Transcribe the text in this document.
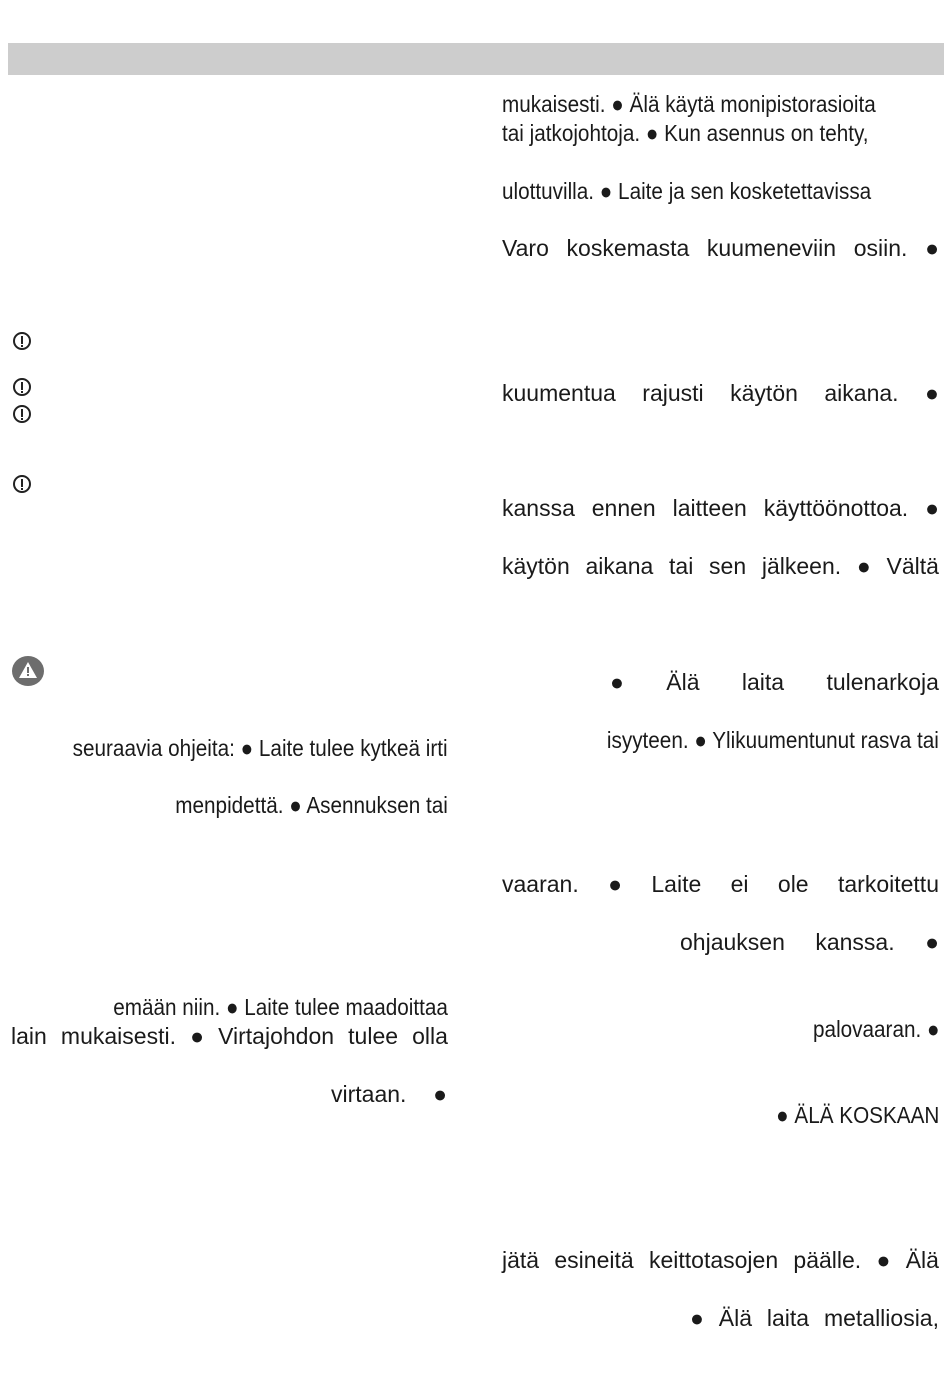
seuraavia ohjeita: ● Laite tulee kytkeä irti
menpidettä. ● Asennuksen tai
emään niin. ● Laite tulee maadoittaa
lain mukaisesti. ● Virtajohdon tulee olla
virtaan. ●
mukaisesti. ● Älä käytä monipistorasioita
tai jatkojohtoja. ● Kun asennus on tehty,
ulottuvilla. ● Laite ja sen kosketettavissa
Varo koskemasta kuumeneviin osiin. ●
kuumentua rajusti käytön aikana. ●
kanssa ennen laitteen käyttöönottoa. ●
käytön aikana tai sen jälkeen. ● Vältä
● Älä laita tulenarkoja
isyyteen. ● Ylikuumentunut rasva tai
vaaran. ● Laite ei ole tarkoitettu
ohjauksen kanssa. ●
palovaaran. ●
● ÄLÄ KOSKAAN
jätä esineitä keittotasojen päälle. ● Älä
● Älä laita metalliosia,
